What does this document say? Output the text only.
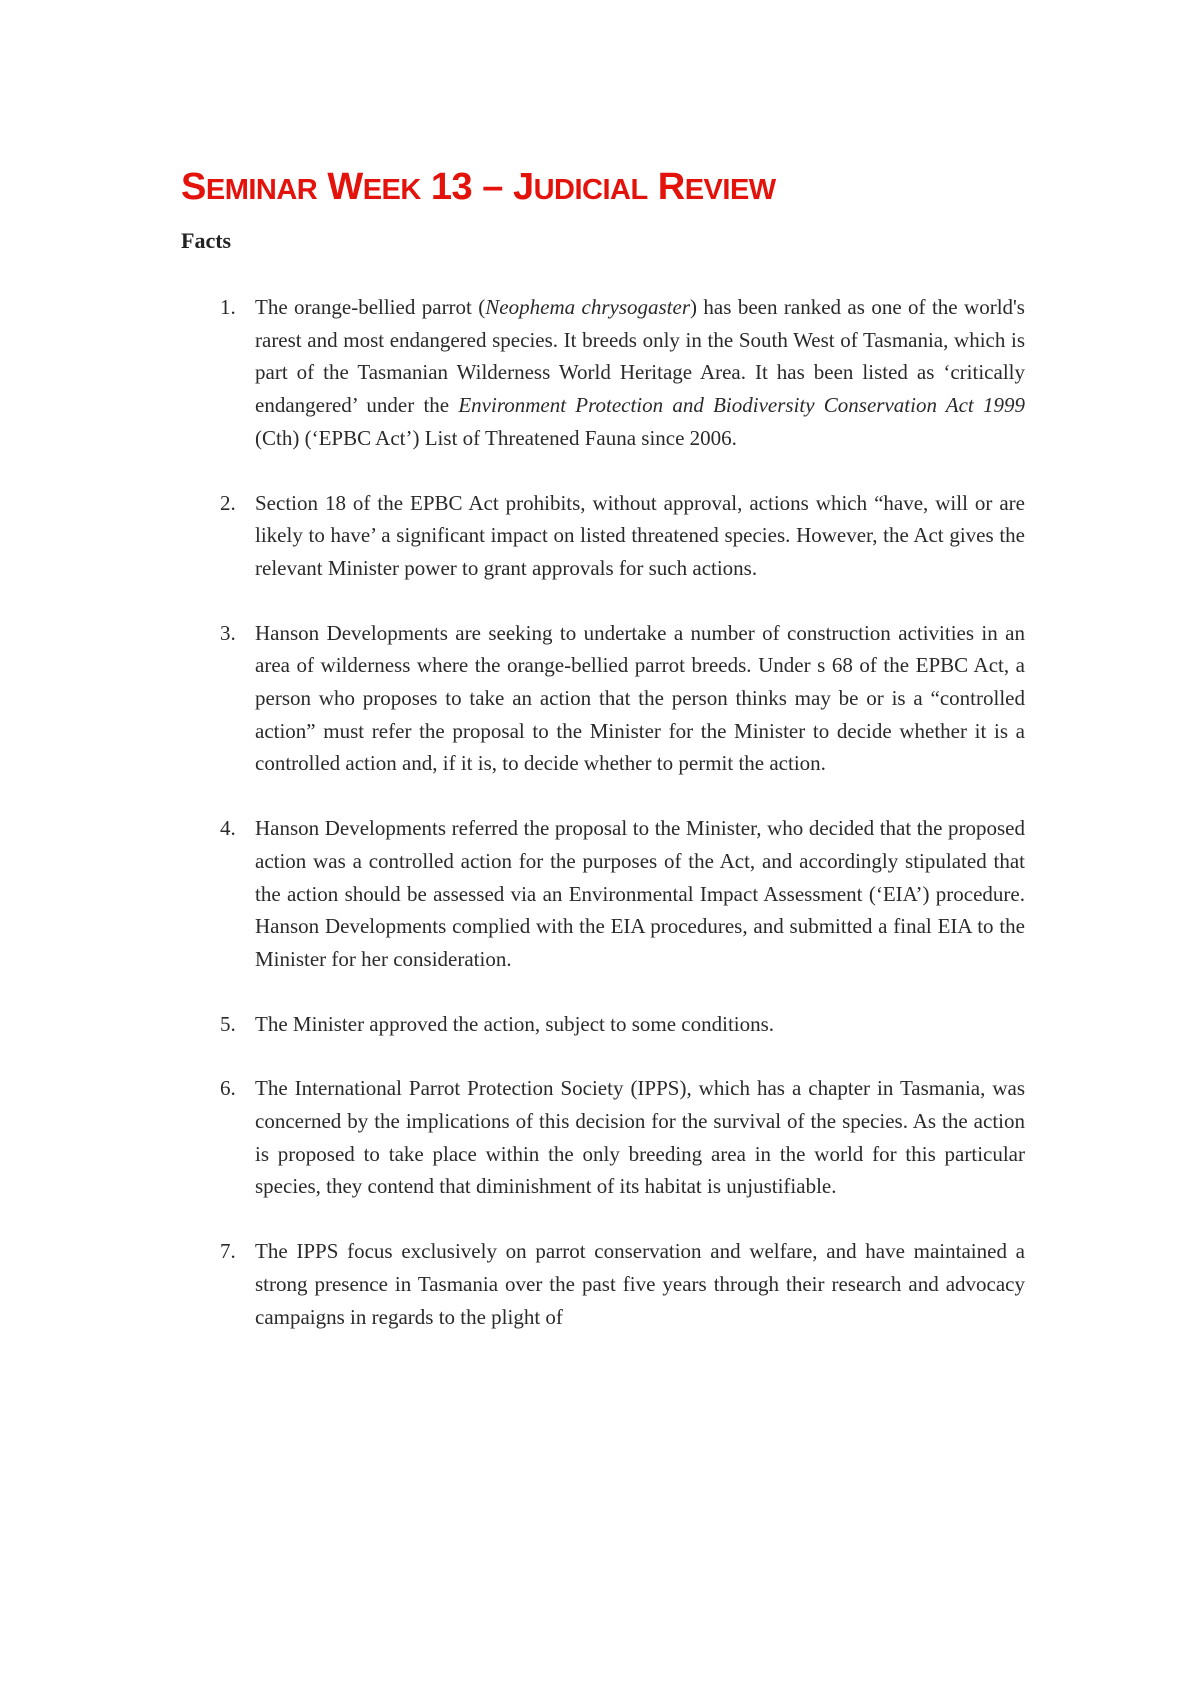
SEMINAR WEEK 13 – JUDICIAL REVIEW
Facts
1. The orange-bellied parrot (Neophema chrysogaster) has been ranked as one of the world's rarest and most endangered species. It breeds only in the South West of Tasmania, which is part of the Tasmanian Wilderness World Heritage Area. It has been listed as ‘critically endangered’ under the Environment Protection and Biodiversity Conservation Act 1999 (Cth) (‘EPBC Act’) List of Threatened Fauna since 2006.
2. Section 18 of the EPBC Act prohibits, without approval, actions which “have, will or are likely to have’ a significant impact on listed threatened species. However, the Act gives the relevant Minister power to grant approvals for such actions.
3. Hanson Developments are seeking to undertake a number of construction activities in an area of wilderness where the orange-bellied parrot breeds. Under s 68 of the EPBC Act, a person who proposes to take an action that the person thinks may be or is a “controlled action” must refer the proposal to the Minister for the Minister to decide whether it is a controlled action and, if it is, to decide whether to permit the action.
4. Hanson Developments referred the proposal to the Minister, who decided that the proposed action was a controlled action for the purposes of the Act, and accordingly stipulated that the action should be assessed via an Environmental Impact Assessment (‘EIA’) procedure. Hanson Developments complied with the EIA procedures, and submitted a final EIA to the Minister for her consideration.
5. The Minister approved the action, subject to some conditions.
6. The International Parrot Protection Society (IPPS), which has a chapter in Tasmania, was concerned by the implications of this decision for the survival of the species. As the action is proposed to take place within the only breeding area in the world for this particular species, they contend that diminishment of its habitat is unjustifiable.
7. The IPPS focus exclusively on parrot conservation and welfare, and have maintained a strong presence in Tasmania over the past five years through their research and advocacy campaigns in regards to the plight of
